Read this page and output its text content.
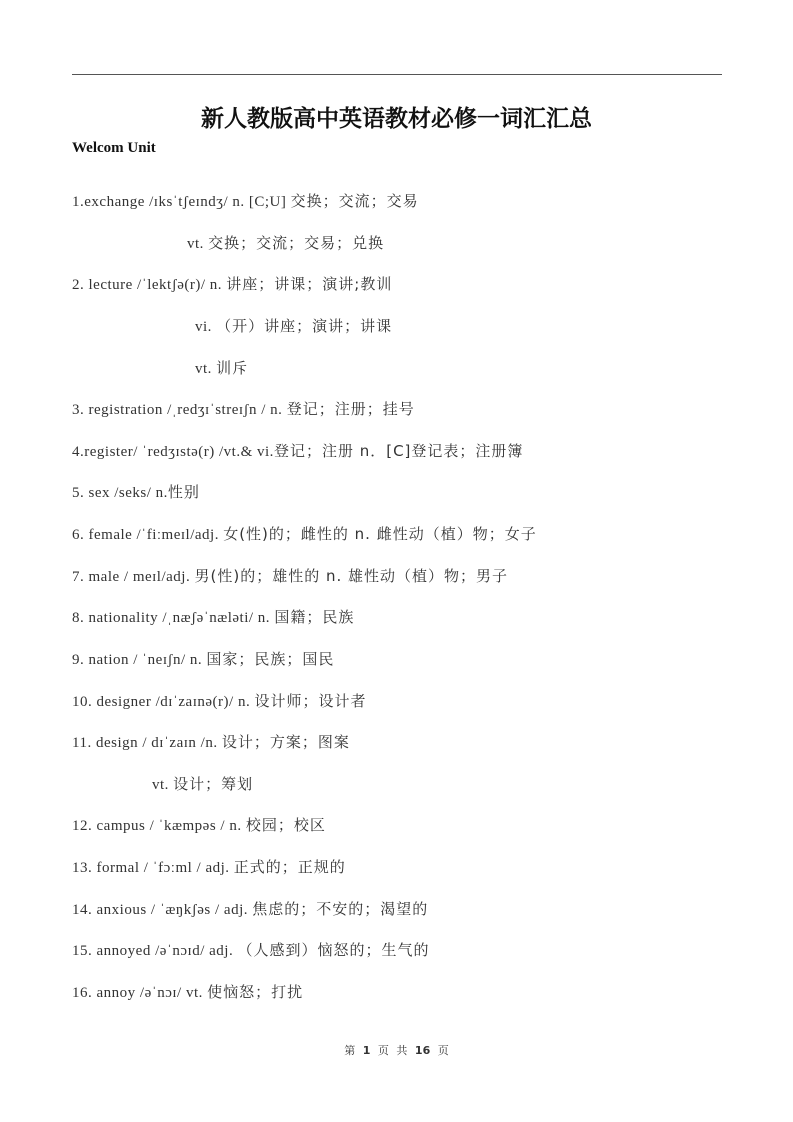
新人教版高中英语教材必修一词汇汇总
Welcom Unit
1.exchange /ɪksˈtʃeɪndʒ/ n. [C;U] 交换；交流；交易
vt. 交换；交流；交易；兑换
2. lecture /ˈlektʃə(r)/ n. 讲座；讲课；演讲;教训
vi. （开）讲座；演讲；讲课
vt. 训斥
3. registration /ˌredʒɪˈstreɪʃn / n. 登记；注册；挂号
4.register/ ˈredʒɪstə(r) /vt.& vi.登记；注册 n．[C]登记表；注册簿
5. sex /seks/ n.性别
6. female /ˈfiːmeɪl/adj. 女(性)的；雌性的 n. 雌性动（植）物；女子
7. male / meɪl/adj. 男(性)的；雄性的 n. 雄性动（植）物；男子
8. nationality /ˌnæʃəˈnæləti/ n. 国籍；民族
9. nation / ˈneɪʃn/ n. 国家；民族；国民
10. designer /dɪˈzaɪnə(r)/ n. 设计师；设计者
11. design / dɪˈzaɪn /n. 设计；方案；图案
vt. 设计；筹划
12. campus / ˈkæmpəs / n. 校园；校区
13. formal / ˈfɔːml / adj. 正式的；正规的
14. anxious / ˈæŋkʃəs / adj. 焦虑的；不安的；渴望的
15. annoyed /əˈnɔɪd/ adj. （人感到）恼怒的；生气的
16. annoy /əˈnɔɪ/ vt. 使恼怒；打扰
第 1 页 共 16 页
